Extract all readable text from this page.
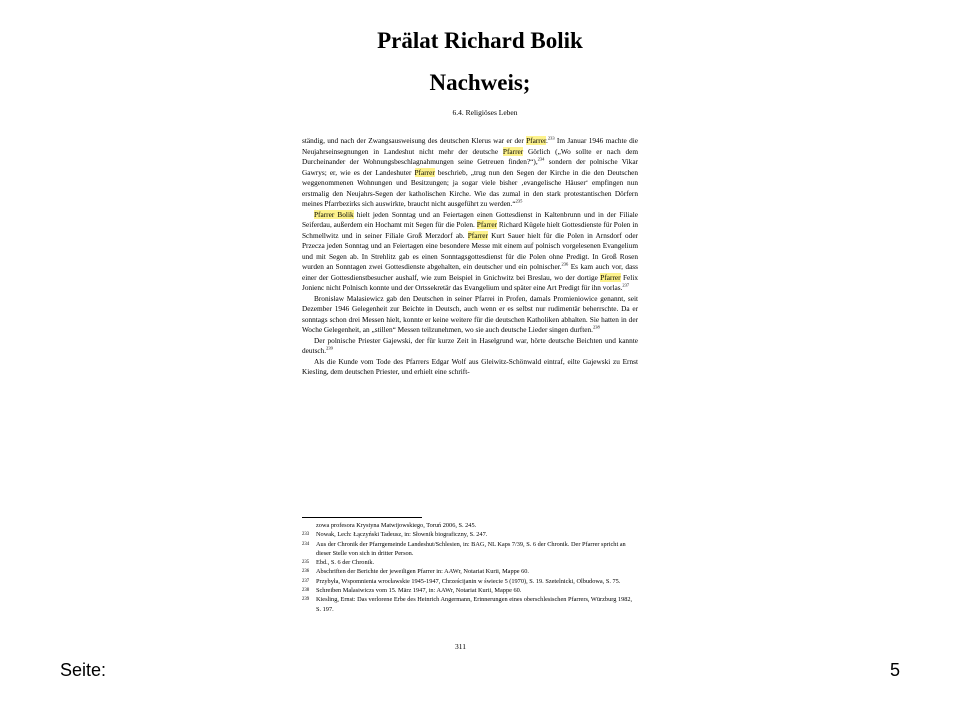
Prälat Richard Bolik
Nachweis;
6.4. Religiöses Leben

ständig, und nach der Zwangsausweisung des deutschen Klerus war er der Pfarrer.$^{233}$ Im Januar 1946 machte die Neujahrseinsegnungen in Landeshut nicht mehr der deutsche Pfarrer Görlich („Wo sollte er nach dem Durcheinander der Wohnungsbeschlagnahmungen seine Getreuen finden?“),$^{234}$ sondern der polnische Vikar Gawrys; er, wie es der Landeshuter Pfarrer beschrieb, „trug nun den Segen der Kirche in die den Deutschen weggenommenen Wohnungen und Besitzungen; ja sogar viele bisher ‚evangelische Häuser‘ empfingen nun erstmalig den Neujahrs-Segen der katholischen Kirche. Wie das zumal in den stark protestantischen Dörfern meines Pfarrbezirks sich auswirkte, braucht nicht ausgeführt zu werden.“$^{235}$

Pfarrer Bolik hielt jeden Sonntag und an Feiertagen einen Gottesdienst in Kaltenbrunn und in der Filiale Seiferdau, außerdem ein Hochamt mit Segen für die Polen. Pfarrer Richard Kügele hielt Gottesdienste für Polen in Schmellwitz und in seiner Filiale Groß Merzdorf ab. Pfarrer Kurt Sauer hielt für die Polen in Arnsdorf oder Przecza jeden Sonntag und an Feiertagen eine besondere Messe mit einem auf polnisch vorgelesenen Evangelium und mit Segen ab. In Strehlitz gab es einen Sonntagsgottesdienst für die Polen ohne Predigt. In Groß Rosen wurden an Sonntagen zwei Gottesdienste abgehalten, ein deutscher und ein polnischer.$^{236}$ Es kam auch vor, dass einer der Gottesdienstbesucher aushalf, wie zum Beispiel in Gnichwitz bei Breslau, wo der dortige Pfarrer Felix Jonienc nicht Polnisch konnte und der Ortssekretär das Evangelium und später eine Art Predigt für ihn vorlas.$^{237}$

Bronisław Małasiewicz gab den Deutschen in seiner Pfarrei in Profen, damals Promieniowice genannt, seit Dezember 1946 Gelegenheit zur Beichte in Deutsch, auch wenn er es selbst nur rudimentär beherrschte. Da er sonntags schon drei Messen hielt, konnte er keine weitere für die deutschen Katholiken abhalten. Sie hatten in der Woche Gelegenheit, an „stillen“ Messen teilzunehmen, wo sie auch deutsche Lieder singen durften.$^{238}$

Der polnische Priester Gajewski, der für kurze Zeit in Haselgrund war, hörte deutsche Beichten und kannte deutsch.$^{239}$

Als die Kunde vom Tode des Pfarrers Edgar Wolf aus Gleiwitz-Schönwald eintraf, eilte Gajewski zu Ernst Kiesling, dem deutschen Priester, und erhielt eine schrift-

zowa profesora Krystyna Matwijowskiego, Toruń 2006, S. 245.
233	Nowak, Lech: Łączyński Tadeusz, in: Słownik biograficzny, S. 247.
234	Aus der Chronik der Pfarrgemeinde Landeshut/Schlesien, in: BAG, NL Kaps 7/39, S. 6 der Chronik. Der Pfarrer spricht an dieser Stelle von sich in dritter Person.
235	Ebd., S. 6 der Chronik.
236	Abschriften der Berichte der jeweiligen Pfarrer in: AAWr, Notariat Kurii, Mappe 60.
237	Przybyła, Wspomnienia wrocławskie 1945-1947, Chrześcijanin w świecie 5 (1970), S. 19. Szetelnicki, Olbudowa, S. 75.
238	Schreiben Malasiwiczs vom 15. März 1947, in: AAWr, Notariat Kurii, Mappe 60.
239	Kiesling, Ernst: Das verlorene Erbe des Heinrich Angermann, Erinnerungen eines oberschlesischen Pfarrers, Würzburg 1982, S. 197.
311
Seite:	5
